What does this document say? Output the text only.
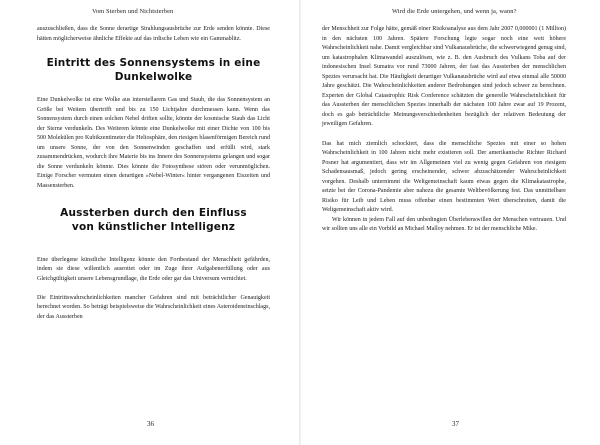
Vom Sterben und Nichtsterben

auszuschließen, dass die Sonne derartige Strahlungsausbrüche zur Erde senden könnte. Diese hätten möglicherweise ähnliche Effekte auf das irdische Leben wie ein Gammablitz.

Eintritt des Sonnensystems in eine Dunkelwolke

Eine Dunkelwolke ist eine Wolke aus interstellarem Gas und Staub, die das Sonnensystem an Größe bei Weitem übertrifft und bis zu 150 Lichtjahre durchmessen kann. Wenn das Sonnensystem durch einen solchen Nebel driften sollte, könnte der kosmische Staub das Licht der Sterne verdunkeln. Des Weiteren könnte eine Dunkelwolke mit einer Dichte von 100 bis 500 Molekülen pro Kubikzentimeter die Heliosphäre, den riesigen blasenförmigen Bereich rund um unsere Sonne, der von den Sonnenwinden geschaffen und erfüllt wird, stark zusammendrücken, wodurch ihre Materie bis ins Innere des Sonnensystems gelangen und sogar die Sonne verdunkeln könnte. Dies könnte die Fotosynthese stören oder verunmöglichen. Einige Forscher vermuten einen derartigen »Nebel-Winter« hinter vergangenen Eiszeiten und Massensterben.

Aussterben durch den Einfluss
von künstlicher Intelligenz

Eine überlegene künstliche Intelligenz könnte den Fortbestand der Menschheit gefährden, indem sie diese willentlich ausrottet oder im Zuge ihrer Aufgabenerfüllung oder aus Gleichgültigkeit unsere Lebensgrundlage, die Erde oder gar das Universum vernichtet.

Die Eintrittswahrscheinlichkeiten mancher Gefahren sind mit beträchtlicher Genauigkeit berechnet worden. So beträgt beispielsweise die Wahrscheinlichkeit eines Asteroideneinschlags, der das Aussterben

36
Wird die Erde untergehen, und wenn ja, wann?

der Menschheit zur Folge hätte, gemäß einer Risikoanalyse aus dem Jahr 2007 0,000001 (1 Million) in den nächsten 100 Jahren. Spätere Forschung legte sogar noch eine weit höhere Wahrscheinlichkeit nahe. Damit vergleichbar sind Vulkanausbrüche, die schwerwiegend genug sind, um katastrophalen Klimawandel auszulösen, wie z. B. den Ausbruch des Vulkans Toba auf der indonesischen Insel Sumatra vor rund 73000 Jahren, der fast das Aussterben der menschlichen Spezies verursacht hat. Die Häufigkeit derartiger Vulkanausbrüche wird auf etwa einmal alle 50000 Jahre geschätzt. Die Wahrscheinlichkeiten anderer Bedrohungen sind jedoch schwer zu berechnen. Experten der Global Catastrophic Risk Conference schätzten die generelle Wahrscheinlichkeit für das Aussterben der menschlichen Spezies innerhalb der nächsten 100 Jahre zwar auf 19 Prozent, doch es gab beträchtliche Meinungsverschiedenheiten bezüglich der relativen Bedeutung der jeweiligen Gefahren.

Das hat mich ziemlich schockiert, dass die menschliche Spezies mit einer so hohen Wahrscheinlichkeit in 100 Jahren nicht mehr existieren soll. Der amerikanische Richter Richard Posner hat argumentiert, dass wir im Allgemeinen viel zu wenig gegen Gefahren von riesigem Schadensausmaß, jedoch gering erscheinender, schwer abzuschätzender Wahrscheinlichkeit vorgehen. Deshalb unternimmt die Weltgemeinschaft kaum etwas gegen die Klimakatastrophe, setzte bei der Corona-Pandemie aber nahezu die gesamte Weltbevölkerung fest. Das unmittelbare Risiko für Leib und Leben muss offenbar einen bestimmten Wert überschreiten, damit die Weltgemeinschaft aktiv wird.

Wir können in jedem Fall auf den unbedingten Überlebenswillen der Menschen vertrauen. Und wir sollten uns alle ein Vorbild an Michael Malloy nehmen. Er ist der menschliche Mike.

37
